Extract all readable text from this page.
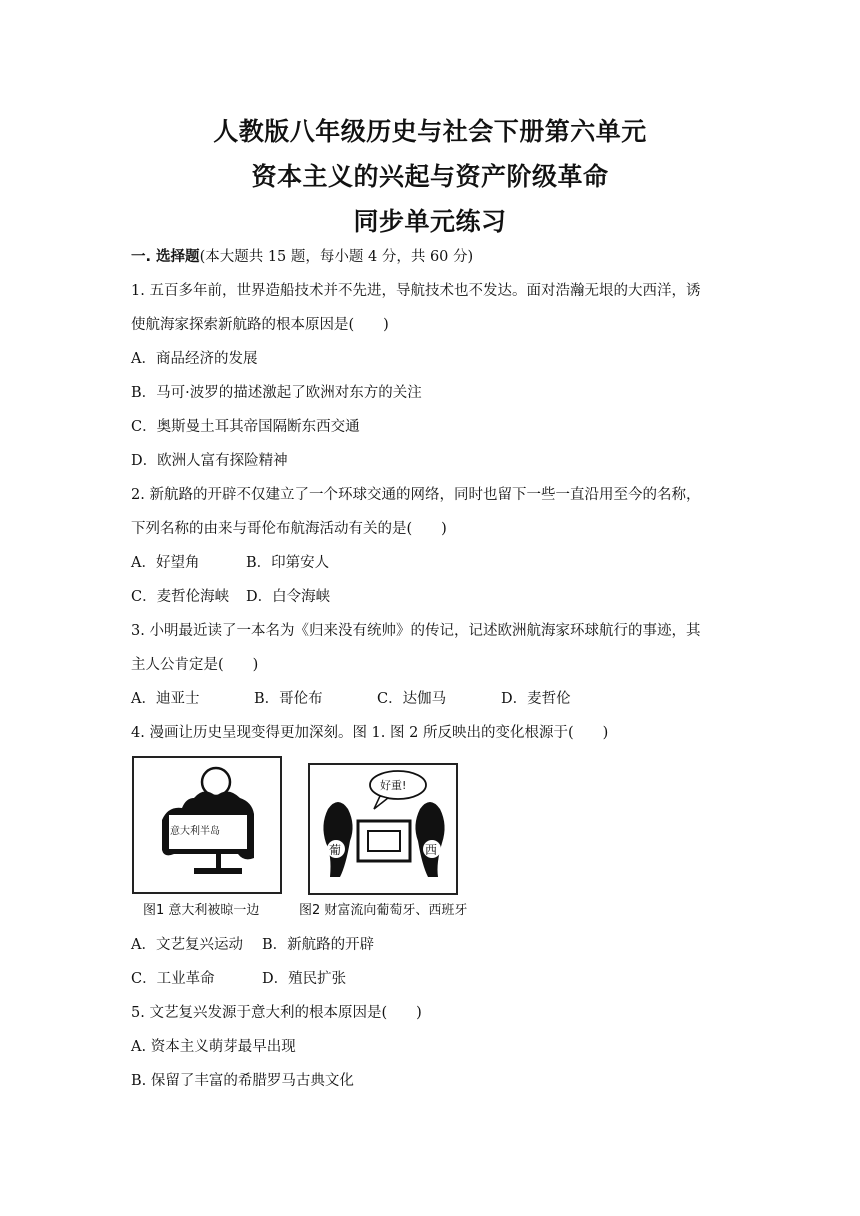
人教版八年级历史与社会下册第六单元
资本主义的兴起与资产阶级革命
同步单元练习
一. 选择题(本大题共 15 题，每小题 4 分，共 60 分)
1. 五百多年前，世界造船技术并不先进，导航技术也不发达。面对浩瀚无垠的大西洋，诱
使航海家探索新航路的根本原因是(　　)
A．商品经济的发展
B．马可·波罗的描述激起了欧洲对东方的关注
C．奥斯曼土耳其帝国隔断东西交通
D．欧洲人富有探险精神
2. 新航路的开辟不仅建立了一个环球交通的网络，同时也留下一些一直沿用至今的名称，
下列名称的由来与哥伦布航海活动有关的是(　　)
A．好望角	B．印第安人
C．麦哲伦海峡 D．白令海峡
3. 小明最近读了一本名为《归来没有统帅》的传记，记述欧洲航海家环球航行的事迹，其
主人公肯定是(　　)
A．迪亚士	B．哥伦布	C．达伽马	D．麦哲伦
4. 漫画让历史呈现变得更加深刻。图 1. 图 2 所反映出的变化根源于(　　)
意大利半岛
好重!
葡	西
图1 意大利被晾一边	图2 财富流向葡萄牙、西班牙
A．文艺复兴运动 B．新航路的开辟
C．工业革命	D．殖民扩张
5. 文艺复兴发源于意大利的根本原因是(　　)
A. 资本主义萌芽最早出现
B. 保留了丰富的希腊罗马古典文化
